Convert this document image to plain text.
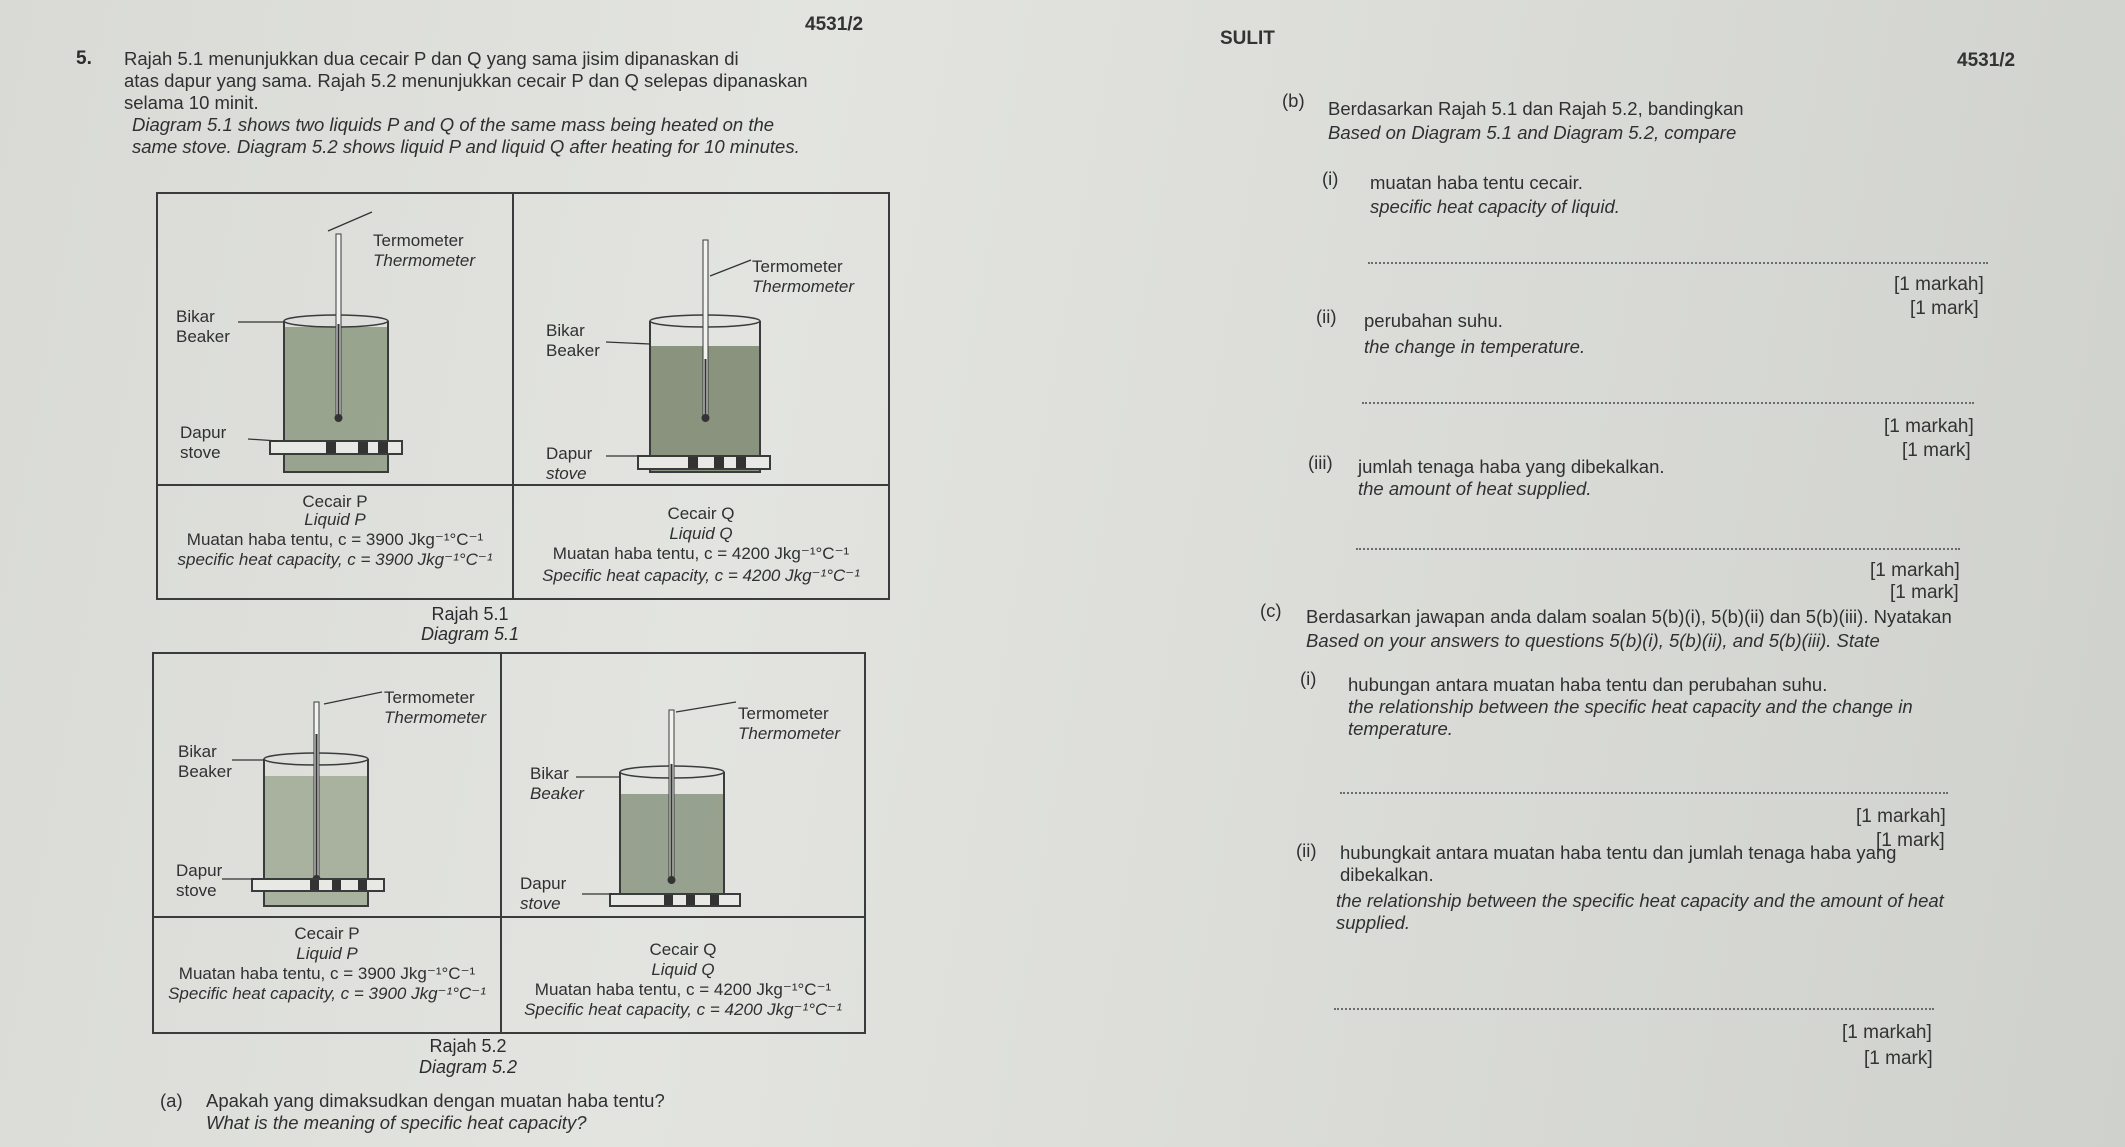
4531/2
SULIT
4531/2
5. Rajah 5.1 menunjukkan dua cecair P dan Q yang sama jisim dipanaskan di
atas dapur yang sama. Rajah 5.2 menunjukkan cecair P dan Q selepas dipanaskan
selama 10 minit.
Diagram 5.1 shows two liquids P and Q of the same mass being heated on the
same stove. Diagram 5.2 shows liquid P and liquid Q after heating for 10 minutes.
Termometer
Thermometer
Bikar
Beaker
Dapur
stove
Termometer
Thermometer
Bikar
Beaker
Dapur
stove
Cecair P
Liquid P
Muatan haba tentu, c = 3900 Jkg⁻¹°C⁻¹
specific heat capacity, c = 3900 Jkg⁻¹°C⁻¹
Cecair Q
Liquid Q
Muatan haba tentu, c = 4200 Jkg⁻¹°C⁻¹
Specific heat capacity, c = 4200 Jkg⁻¹°C⁻¹
Rajah 5.1
Diagram 5.1
Termometer
Thermometer
Bikar
Beaker
Dapur
stove
Termometer
Thermometer
Bikar
Beaker
Dapur
stove
Cecair P
Liquid P
Muatan haba tentu, c = 3900 Jkg⁻¹°C⁻¹
Specific heat capacity, c = 3900 Jkg⁻¹°C⁻¹
Cecair Q
Liquid Q
Muatan haba tentu, c = 4200 Jkg⁻¹°C⁻¹
Specific heat capacity, c = 4200 Jkg⁻¹°C⁻¹
Rajah 5.2
Diagram 5.2
(a) Apakah yang dimaksudkan dengan muatan haba tentu?
What is the meaning of specific heat capacity?
(b) Berdasarkan Rajah 5.1 dan Rajah 5.2, bandingkan
Based on Diagram 5.1 and Diagram 5.2, compare
(i) muatan haba tentu cecair.
specific heat capacity of liquid.
[1 markah]
[1 mark]
(ii) perubahan suhu.
the change in temperature.
[1 markah]
[1 mark]
(iii) jumlah tenaga haba yang dibekalkan.
the amount of heat supplied.
[1 markah]
[1 mark]
(c) Berdasarkan jawapan anda dalam soalan 5(b)(i), 5(b)(ii) dan 5(b)(iii). Nyatakan
Based on your answers to questions 5(b)(i), 5(b)(ii), and 5(b)(iii). State
(i) hubungan antara muatan haba tentu dan perubahan suhu.
the relationship between the specific heat capacity and the change in
temperature.
[1 markah]
[1 mark]
(ii) hubungkait antara muatan haba tentu dan jumlah tenaga haba yang
dibekalkan.
the relationship between the specific heat capacity and the amount of heat
supplied.
[1 markah]
[1 mark]
